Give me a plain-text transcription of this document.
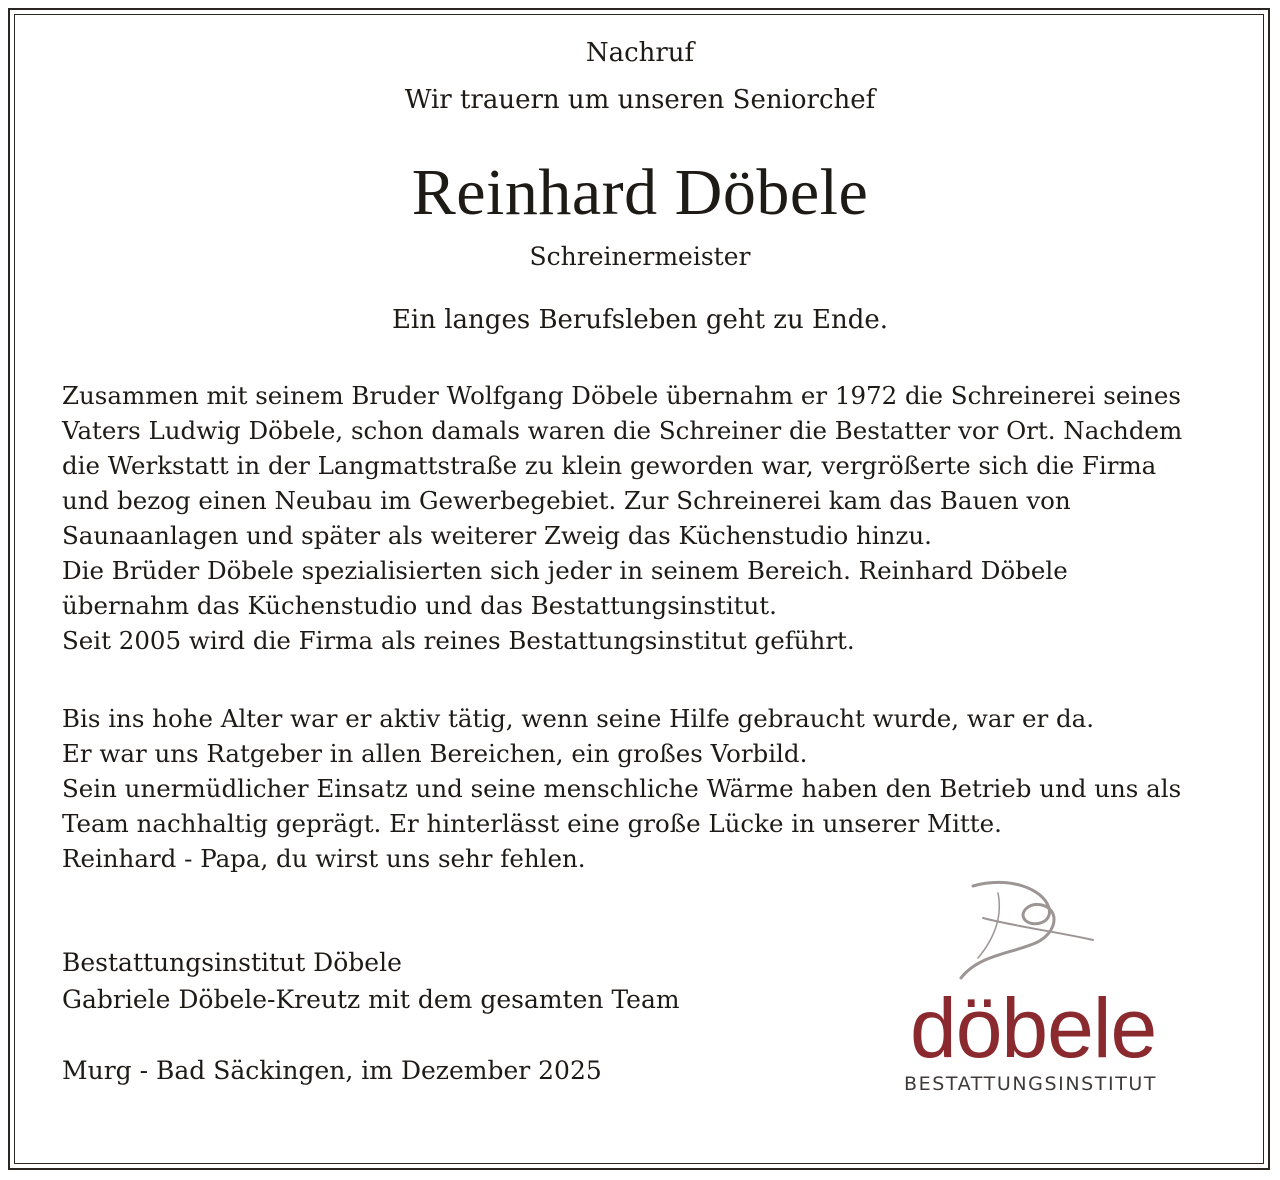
Nachruf
Wir trauern um unseren Seniorchef
Reinhard Döbele
Schreinermeister
Ein langes Berufsleben geht zu Ende.
Zusammen mit seinem Bruder Wolfgang Döbele übernahm er 1972 die Schreinerei seines
Vaters Ludwig Döbele, schon damals waren die Schreiner die Bestatter vor Ort. Nachdem
die Werkstatt in der Langmattstraße zu klein geworden war, vergrößerte sich die Firma
und bezog einen Neubau im Gewerbegebiet. Zur Schreinerei kam das Bauen von
Saunaanlagen und später als weiterer Zweig das Küchenstudio hinzu.
Die Brüder Döbele spezialisierten sich jeder in seinem Bereich. Reinhard Döbele
übernahm das Küchenstudio und das Bestattungsinstitut.
Seit 2005 wird die Firma als reines Bestattungsinstitut geführt.
Bis ins hohe Alter war er aktiv tätig, wenn seine Hilfe gebraucht wurde, war er da.
Er war uns Ratgeber in allen Bereichen, ein großes Vorbild.
Sein unermüdlicher Einsatz und seine menschliche Wärme haben den Betrieb und uns als
Team nachhaltig geprägt. Er hinterlässt eine große Lücke in unserer Mitte.
Reinhard - Papa, du wirst uns sehr fehlen.
Bestattungsinstitut Döbele
Gabriele Döbele-Kreutz mit dem gesamten Team
Murg - Bad Säckingen, im Dezember 2025	döbele
BESTATTUNGSINSTITUT
